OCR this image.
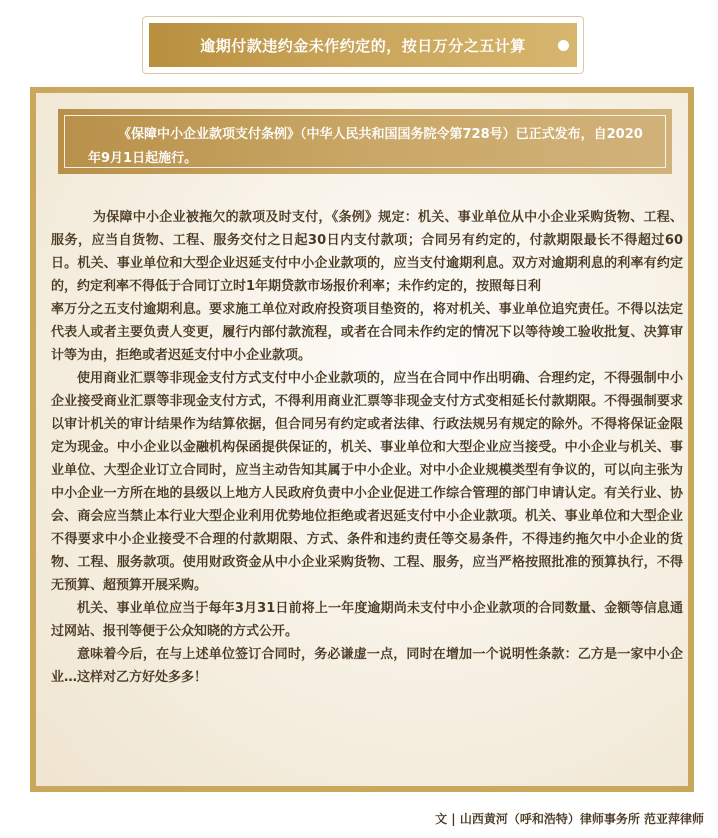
逾期付款违约金未作约定的，按日万分之五计算
《保障中小企业款项支付条例》（中华人民共和国国务院令第728号）已正式发布，自2020年9月1日起施行。

为保障中小企业被拖欠的款项及时支付，《条例》规定：机关、事业单位从中小企业采购货物、工程、服务，应当自货物、工程、服务交付之日起30日内支付款项；合同另有约定的，付款期限最长不得超过60日。机关、事业单位和大型企业迟延支付中小企业款项的，应当支付逾期利息。双方对逾期利息的利率有约定的，约定利率不得低于合同订立时1年期贷款市场报价利率；未作约定的，按照每日利

率万分之五支付逾期利息。要求施工单位对政府投资项目垫资的，将对机关、事业单位追究责任。不得以法定代表人或者主要负责人变更，履行内部付款流程，或者在合同未作约定的情况下以等待竣工验收批复、决算审计等为由，拒绝或者迟延支付中小企业款项。

使用商业汇票等非现金支付方式支付中小企业款项的，应当在合同中作出明确、合理约定，不得强制中小企业接受商业汇票等非现金支付方式，不得利用商业汇票等非现金支付方式变相延长付款期限。不得强制要求以审计机关的审计结果作为结算依据，但合同另有约定或者法律、行政法规另有规定的除外。不得将保证金限定为现金。中小企业以金融机构保函提供保证的，机关、事业单位和大型企业应当接受。中小企业与机关、事业单位、大型企业订立合同时，应当主动告知其属于中小企业。对中小企业规模类型有争议的，可以向主张为中小企业一方所在地的县级以上地方人民政府负责中小企业促进工作综合管理的部门申请认定。有关行业、协会、商会应当禁止本行业大型企业利用优势地位拒绝或者迟延支付中小企业款项。机关、事业单位和大型企业不得要求中小企业接受不合理的付款期限、方式、条件和违约责任等交易条件，不得违约拖欠中小企业的货物、工程、服务款项。使用财政资金从中小企业采购货物、工程、服务，应当严格按照批准的预算执行，不得无预算、超预算开展采购。

机关、事业单位应当于每年3月31日前将上一年度逾期尚未支付中小企业款项的合同数量、金额等信息通过网站、报刊等便于公众知晓的方式公开。

意味着今后，在与上述单位签订合同时，务必谦虚一点，同时在增加一个说明性条款：乙方是一家中小企业…这样对乙方好处多多！

文 | 山西黄河（呼和浩特）律师事务所 范亚萍律师
